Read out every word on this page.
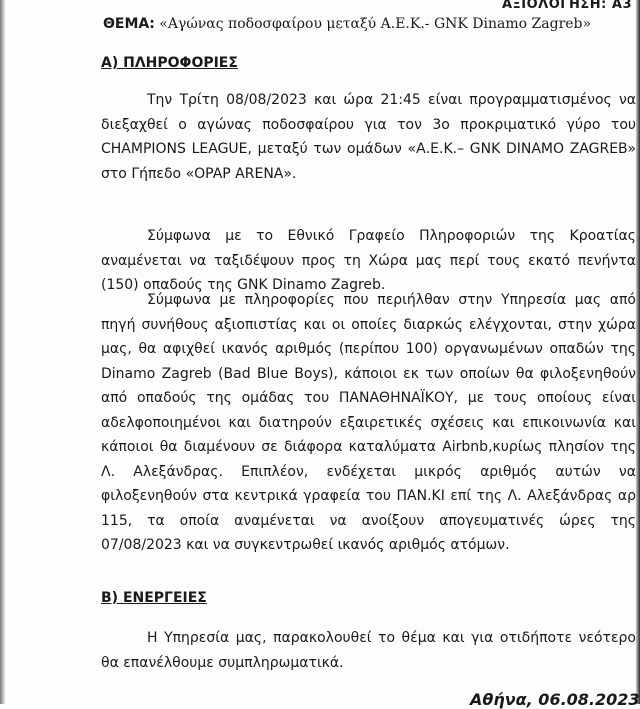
ΑΞΙΟΛΟΓΗΣΗ: Α3
ΘΕΜΑ: «Αγώνας ποδοσφαίρου μεταξύ Α.Ε.Κ.- GNK Dinamo Zagreb»
Α) ΠΛΗΡΟΦΟΡΙΕΣ
Την Τρίτη 08/08/2023 και ώρα 21:45 είναι προγραμματισμένος να διεξαχθεί ο αγώνας ποδοσφαίρου για τον 3ο προκριματικό γύρο του CHAMPIONS LEAGUE, μεταξύ των ομάδων «Α.Ε.Κ.– GNK DINAMO ZAGREB» στο Γήπεδο «OPAP ARENA».
Σύμφωνα με το Εθνικό Γραφείο Πληροφοριών της Κροατίας αναμένεται να ταξιδέψουν προς τη Χώρα μας περί τους εκατό πενήντα (150) οπαδούς της GNK Dinamo Zagreb.
Σύμφωνα με πληροφορίες που περιήλθαν στην Υπηρεσία μας από πηγή συνήθους αξιοπιστίας και οι οποίες διαρκώς ελέγχονται, στην χώρα μας, θα αφιχθεί ικανός αριθμός (περίπου 100) οργανωμένων οπαδών της Dinamo Zagreb (Bad Blue Boys), κάποιοι εκ των οποίων θα φιλοξενηθούν από οπαδούς της ομάδας του ΠΑΝΑΘΗΝΑΪΚΟΥ, με τους οποίους είναι αδελφοποιημένοι και διατηρούν εξαιρετικές σχέσεις και επικοινωνία και κάποιοι θα διαμένουν σε διάφορα καταλύματα Airbnb,κυρίως πλησίον της Λ. Αλεξάνδρας. Επιπλέον, ενδέχεται μικρός αριθμός αυτών να φιλοξενηθούν στα κεντρικά γραφεία του ΠΑΝ.ΚΙ επί της Λ. Αλεξάνδρας αρ 115, τα οποία αναμένεται να ανοίξουν απογευματινές ώρες της 07/08/2023 και να συγκεντρωθεί ικανός αριθμός ατόμων.
Β) ΕΝΕΡΓΕΙΕΣ
Η Υπηρεσία μας, παρακολουθεί το θέμα και για οτιδήποτε νεότερο θα επανέλθουμε συμπληρωματικά.
Αθήνα, 06.08.2023
